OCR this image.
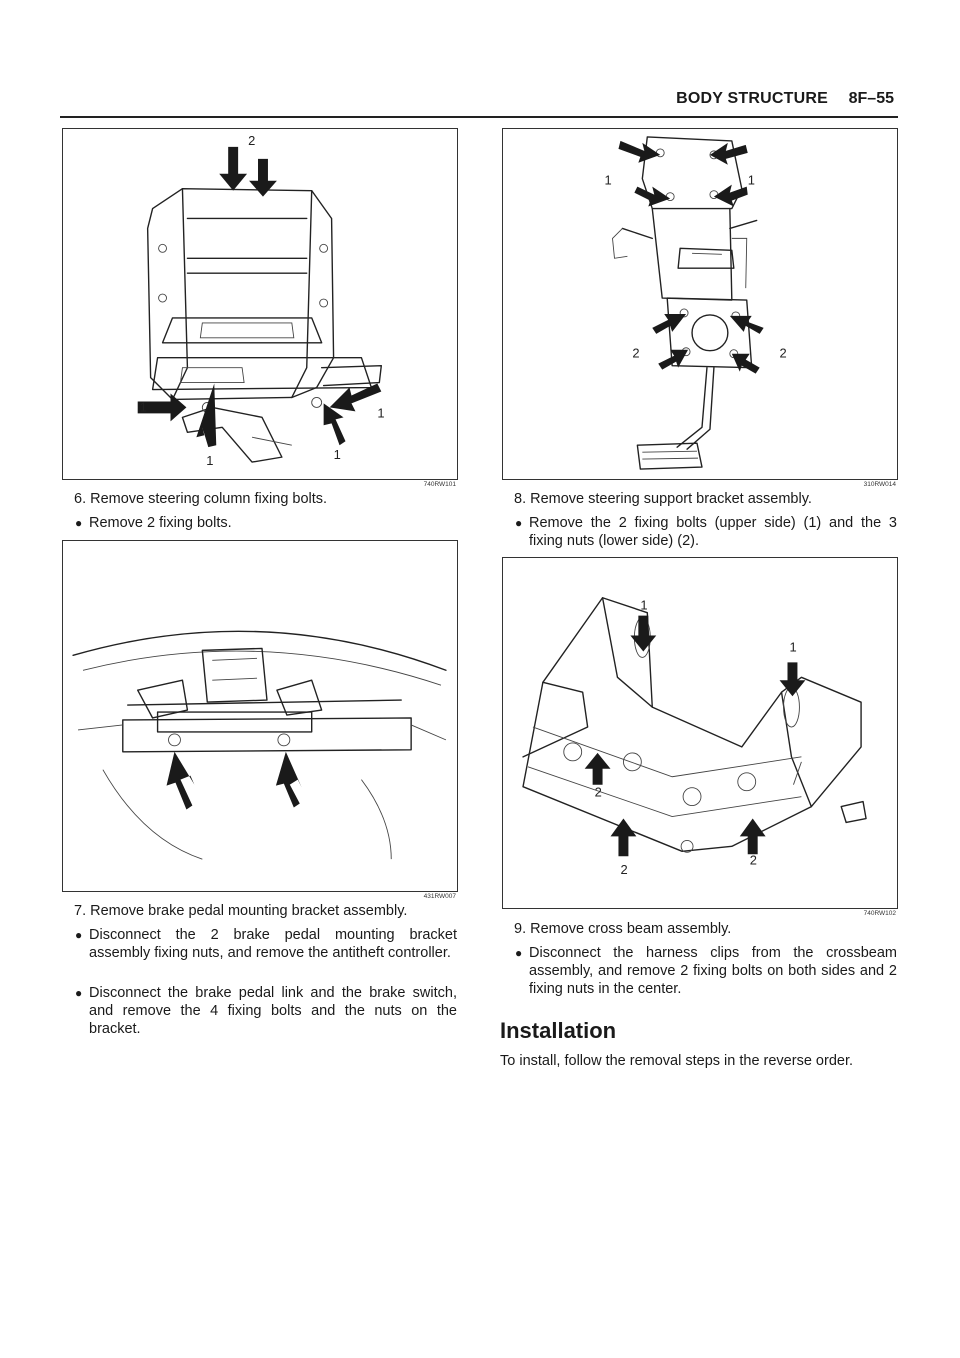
BODY STRUCTURE 8F–55
2
1
1	1
1
740RW101
6. Remove steering column fixing bolts.
● Remove 2 fixing bolts.
431RW007
7. Remove brake pedal mounting bracket assembly.
● Disconnect the 2 brake pedal mounting bracket assembly fixing nuts, and remove the antitheft controller.
● Disconnect the brake pedal link and the brake switch, and remove the 4 fixing bolts and the nuts on the bracket.
1	1
2	2
310RW014
8. Remove steering support bracket assembly.
● Remove the 2 fixing bolts (upper side) (1) and the 3 fixing nuts (lower side) (2).
1
1
2
2
2
740RW102
9. Remove cross beam assembly.
● Disconnect the harness clips from the crossbeam assembly, and remove 2 fixing bolts on both sides and 2 fixing nuts in the center.
Installation
To install, follow the removal steps in the reverse order.
